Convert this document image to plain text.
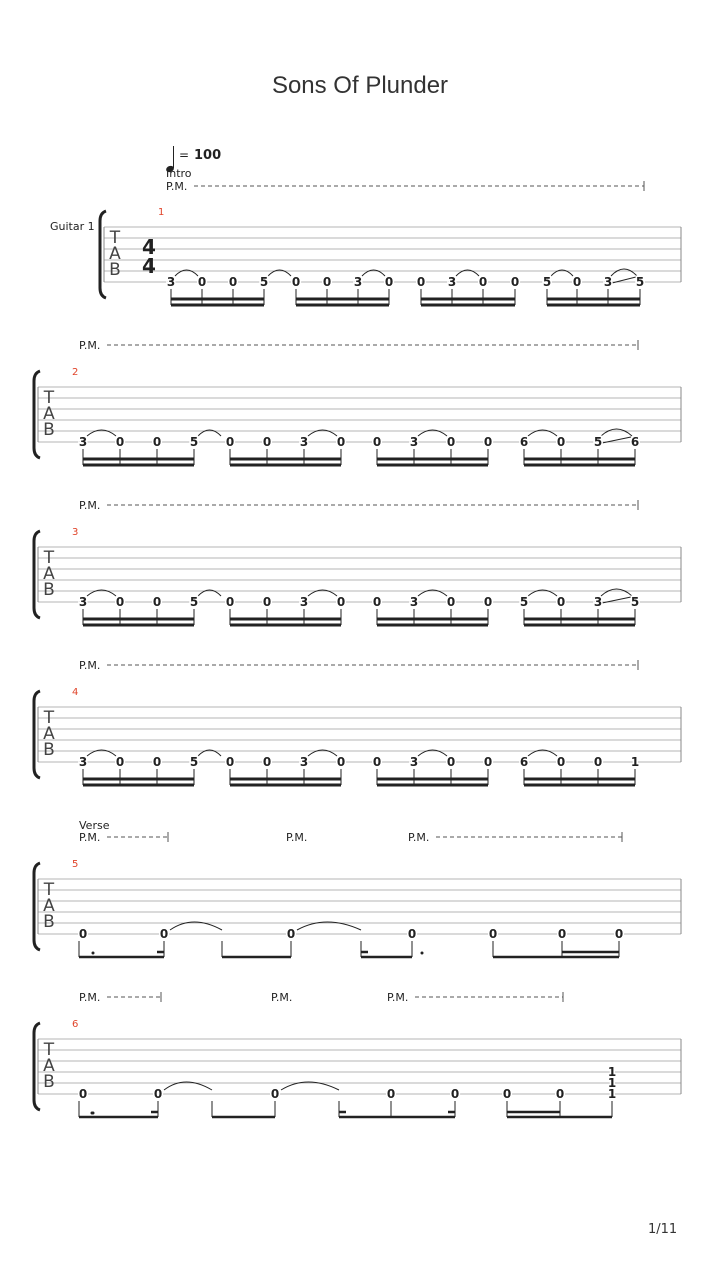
Sons Of Plunder
= 100
Intro
Guitar 1
P.M.
P.M.
P.M.
P.M.
P.M.	P.M.	P.M.
P.M.	P.M.	P.M.
Verse
T
A
B
1
T
A
B
2
T
A
B
3
T
A
B
4
T
A
B
5
T
A
B
6
4
4
3 0 0 5 0 0 3 0 0 3 0 0 5 0 3 5
3 0 0 5 0 0 3 0 0 3 0 0 6 0 5 6
3 0 0 5 0 0 3 0 0 3 0 0 5 0 3 5
3 0 0 5 0 0 3 0 0 3 0 0 6 0 0 1
0	0	0	0	0	0	0
0	0	0	0	0	0	0	1
1
1
1/11
